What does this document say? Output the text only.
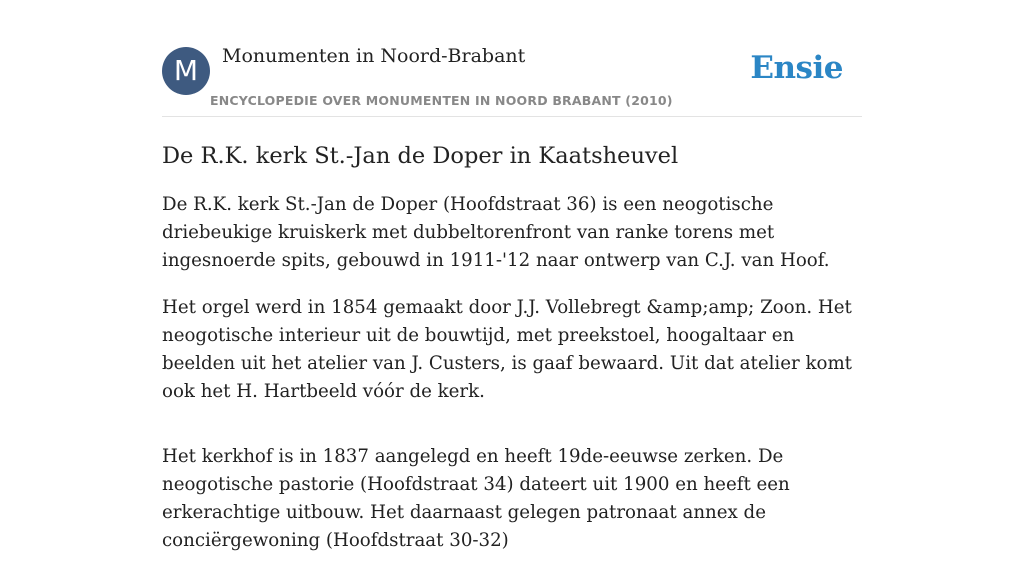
M	Monumenten in Noord-Brabant
ENCYCLOPEDIE OVER MONUMENTEN IN NOORD BRABANT (2010)
Ensie
De R.K. kerk St.-Jan de Doper in Kaatsheuvel

De R.K. kerk St.-Jan de Doper (Hoofdstraat 36) is een neogotische driebeukige kruiskerk met dubbeltorenfront van ranke torens met ingesnoerde spits, gebouwd in 1911-'12 naar ontwerp van C.J. van Hoof.

Het orgel werd in 1854 gemaakt door J.J. Vollebregt &amp;amp; Zoon. Het neogotische interieur uit de bouwtijd, met preekstoel, hoogaltaar en beelden uit het atelier van J. Custers, is gaaf bewaard. Uit dat atelier komt ook het H. Hartbeeld vóór de kerk.

Het kerkhof is in 1837 aangelegd en heeft 19de-eeuwse zerken. De neogotische pastorie (Hoofdstraat 34) dateert uit 1900 en heeft een erkerachtige uitbouw. Het daarnaast gelegen patronaat annex de conciërgewoning (Hoofdstraat 30-32)
